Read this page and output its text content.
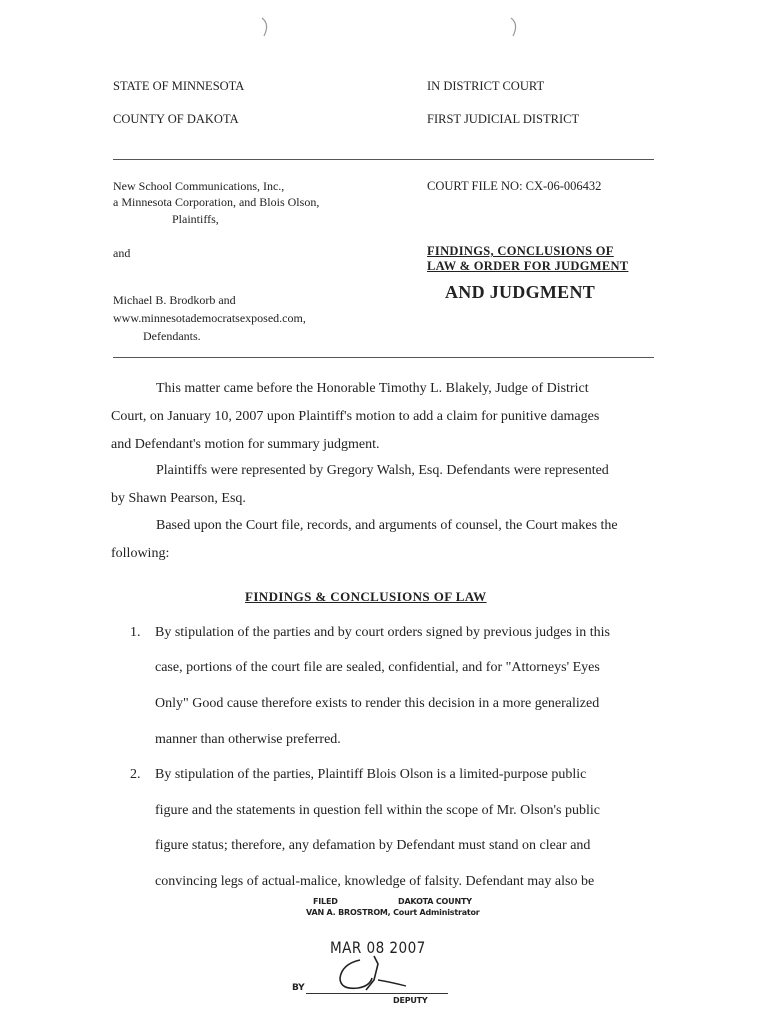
STATE OF MINNESOTA
COUNTY OF DAKOTA
IN DISTRICT COURT
FIRST JUDICIAL DISTRICT
New School Communications, Inc.,
a Minnesota Corporation, and Blois Olson,
Plaintiffs,
and
Michael B. Brodkorb and
www.minnesotademocratsexposed.com,
Defendants.
COURT FILE NO: CX-06-006432
FINDINGS, CONCLUSIONS OF
LAW & ORDER FOR JUDGMENT
AND JUDGMENT
This matter came before the Honorable Timothy L. Blakely, Judge of District
Court, on January 10, 2007 upon Plaintiff's motion to add a claim for punitive damages
and Defendant's motion for summary judgment.
Plaintiffs were represented by Gregory Walsh, Esq. Defendants were represented
by Shawn Pearson, Esq.
Based upon the Court file, records, and arguments of counsel, the Court makes the
following:
FINDINGS & CONCLUSIONS OF LAW
1. By stipulation of the parties and by court orders signed by previous judges in this
case, portions of the court file are sealed, confidential, and for "Attorneys' Eyes
Only" Good cause therefore exists to render this decision in a more generalized
manner than otherwise preferred.
2. By stipulation of the parties, Plaintiff Blois Olson is a limited-purpose public
figure and the statements in question fell within the scope of Mr. Olson's public
figure status; therefore, any defamation by Defendant must stand on clear and
convincing legs of actual-malice, knowledge of falsity. Defendant may also be
FILED	DAKOTA COUNTY
VAN A. BROSTROM, Court Administrator
MAR 08 2007
BY
DEPUTY
